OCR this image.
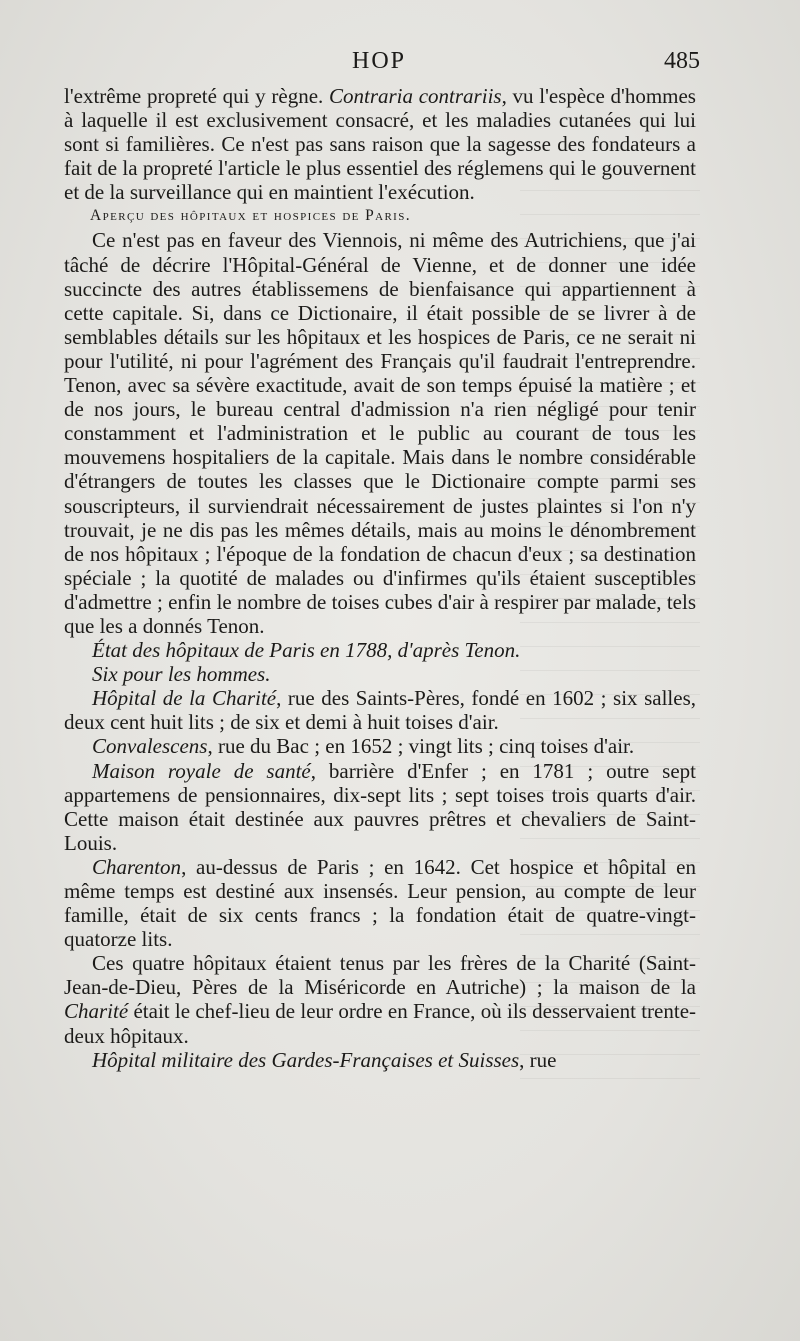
HOP	485

l'extrême propreté qui y règne. Contraria contrariis, vu l'espèce d'hommes à laquelle il est exclusivement consacré, et les maladies cutanées qui lui sont si familières. Ce n'est pas sans raison que la sagesse des fondateurs a fait de la propreté l'article le plus essentiel des réglemens qui le gouvernent et de la surveillance qui en maintient l'exécution.

Aperçu des hôpitaux et hospices de Paris.

Ce n'est pas en faveur des Viennois, ni même des Autrichiens, que j'ai tâché de décrire l'Hôpital-Général de Vienne, et de donner une idée succincte des autres établissemens de bienfaisance qui appartiennent à cette capitale. Si, dans ce Dictionaire, il était possible de se livrer à de semblables détails sur les hôpitaux et les hospices de Paris, ce ne serait ni pour l'utilité, ni pour l'agrément des Français qu'il faudrait l'entreprendre. Tenon, avec sa sévère exactitude, avait de son temps épuisé la matière ; et de nos jours, le bureau central d'admission n'a rien négligé pour tenir constamment et l'administration et le public au courant de tous les mouvemens hospitaliers de la capitale. Mais dans le nombre considérable d'étrangers de toutes les classes que le Dictionaire compte parmi ses souscripteurs, il surviendrait nécessairement de justes plaintes si l'on n'y trouvait, je ne dis pas les mêmes détails, mais au moins le dénombrement de nos hôpitaux ; l'époque de la fondation de chacun d'eux ; sa destination spéciale ; la quotité de malades ou d'infirmes qu'ils étaient susceptibles d'admettre ; enfin le nombre de toises cubes d'air à respirer par malade, tels que les a donnés Tenon.

État des hôpitaux de Paris en 1788, d'après Tenon.

Six pour les hommes.

Hôpital de la Charité, rue des Saints-Pères, fondé en 1602 ; six salles, deux cent huit lits ; de six et demi à huit toises d'air.

Convalescens, rue du Bac ; en 1652 ; vingt lits ; cinq toises d'air.

Maison royale de santé, barrière d'Enfer ; en 1781 ; outre sept appartemens de pensionnaires, dix-sept lits ; sept toises trois quarts d'air. Cette maison était destinée aux pauvres prêtres et chevaliers de Saint-Louis.

Charenton, au-dessus de Paris ; en 1642. Cet hospice et hôpital en même temps est destiné aux insensés. Leur pension, au compte de leur famille, était de six cents francs ; la fondation était de quatre-vingt-quatorze lits.

Ces quatre hôpitaux étaient tenus par les frères de la Charité (Saint-Jean-de-Dieu, Pères de la Miséricorde en Autriche) ; la maison de la Charité était le chef-lieu de leur ordre en France, où ils desservaient trente-deux hôpitaux.

Hôpital militaire des Gardes-Françaises et Suisses, rue
